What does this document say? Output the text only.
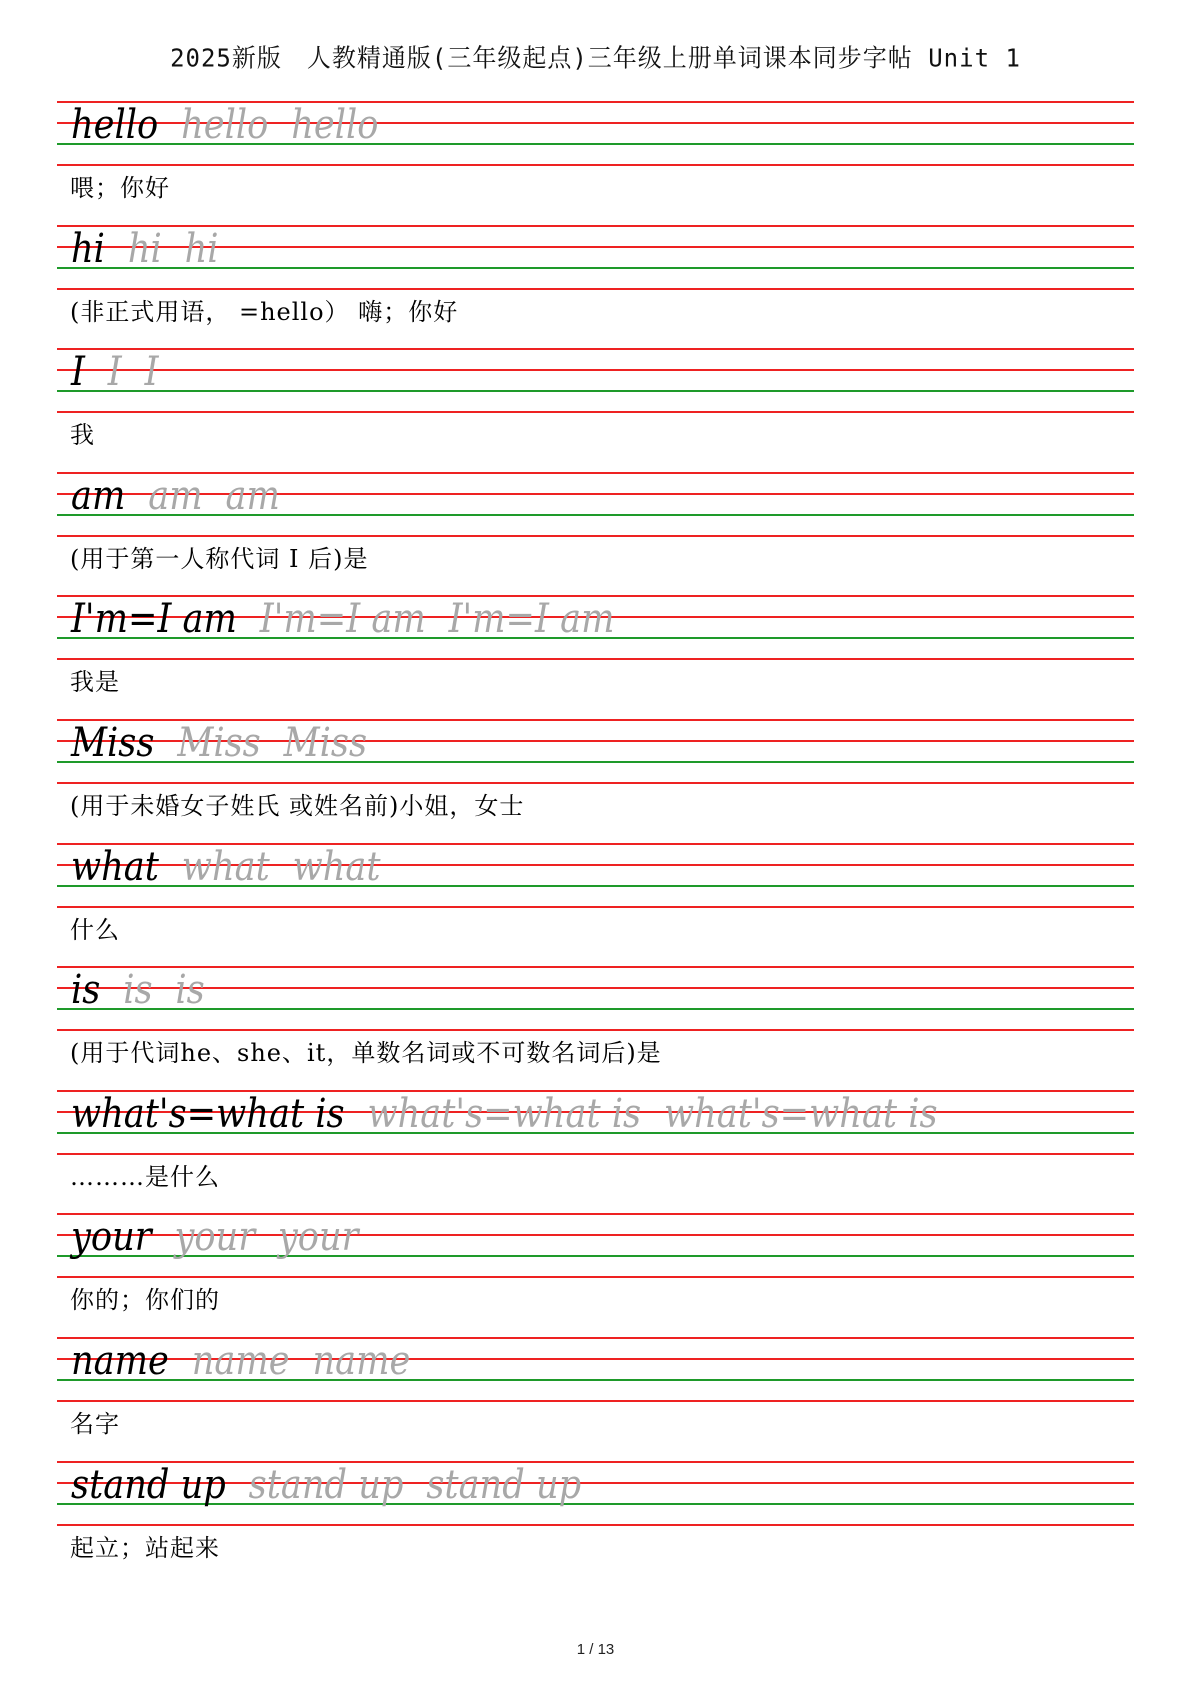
2025新版　人教精通版(三年级起点)三年级上册单词课本同步字帖 Unit 1
hello hello hello
喂；你好
hi hi hi
(非正式用语， =hello） 嗨；你好
I I I
我
am am am
(用于第一人称代词 I 后)是
I'm=I am I'm=I am I'm=I am
我是
Miss Miss Miss
(用于未婚女子姓氏 或姓名前)小姐，女士
what what what
什么
is is is
(用于代词he、she、it，单数名词或不可数名词后)是
what's=what is what's=what is what's=what is
………是什么
your your your
你的；你们的
name name name
名字
stand up stand up stand up
起立；站起来
1 / 13
